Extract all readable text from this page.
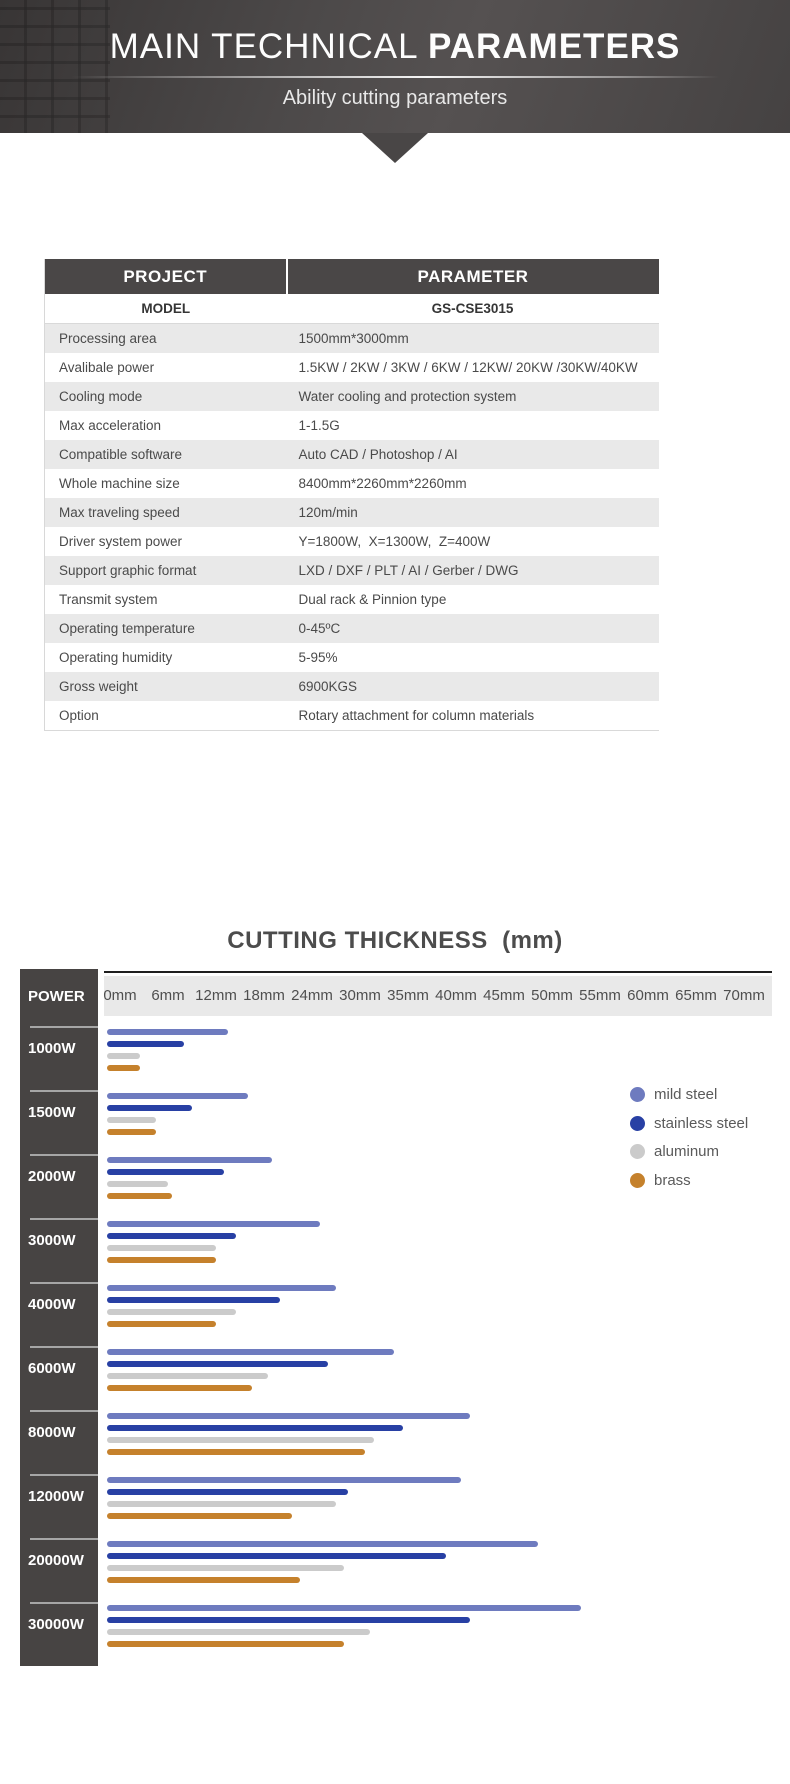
MAIN TECHNICAL PARAMETERS
Ability cutting parameters
PROJECT	PARAMETER
MODEL	GS-CSE3015
Processing area	1500mm*3000mm
Avalibale power	1.5KW / 2KW / 3KW / 6KW / 12KW/ 20KW /30KW/40KW
Cooling mode	Water cooling and protection system
Max acceleration	1-1.5G
Compatible software	Auto CAD / Photoshop / AI
Whole machine size	8400mm*2260mm*2260mm
Max traveling speed	120m/min
Driver system power	Y=1800W,  X=1300W,  Z=400W
Support graphic format	LXD / DXF / PLT / AI / Gerber / DWG
Transmit system	Dual rack & Pinnion type
Operating temperature	0-45ºC
Operating humidity	5-95%
Gross weight	6900KGS
Option	Rotary attachment for column materials
CUTTING THICKNESS  (mm)
POWER	0mm 6mm 12mm 18mm 24mm 30mm 35mm 40mm 45mm 50mm 55mm 60mm 65mm 70mm
1000W
1500W
2000W
3000W
4000W
6000W
8000W
12000W
20000W
30000W
mild steel
stainless steel
aluminum
brass
